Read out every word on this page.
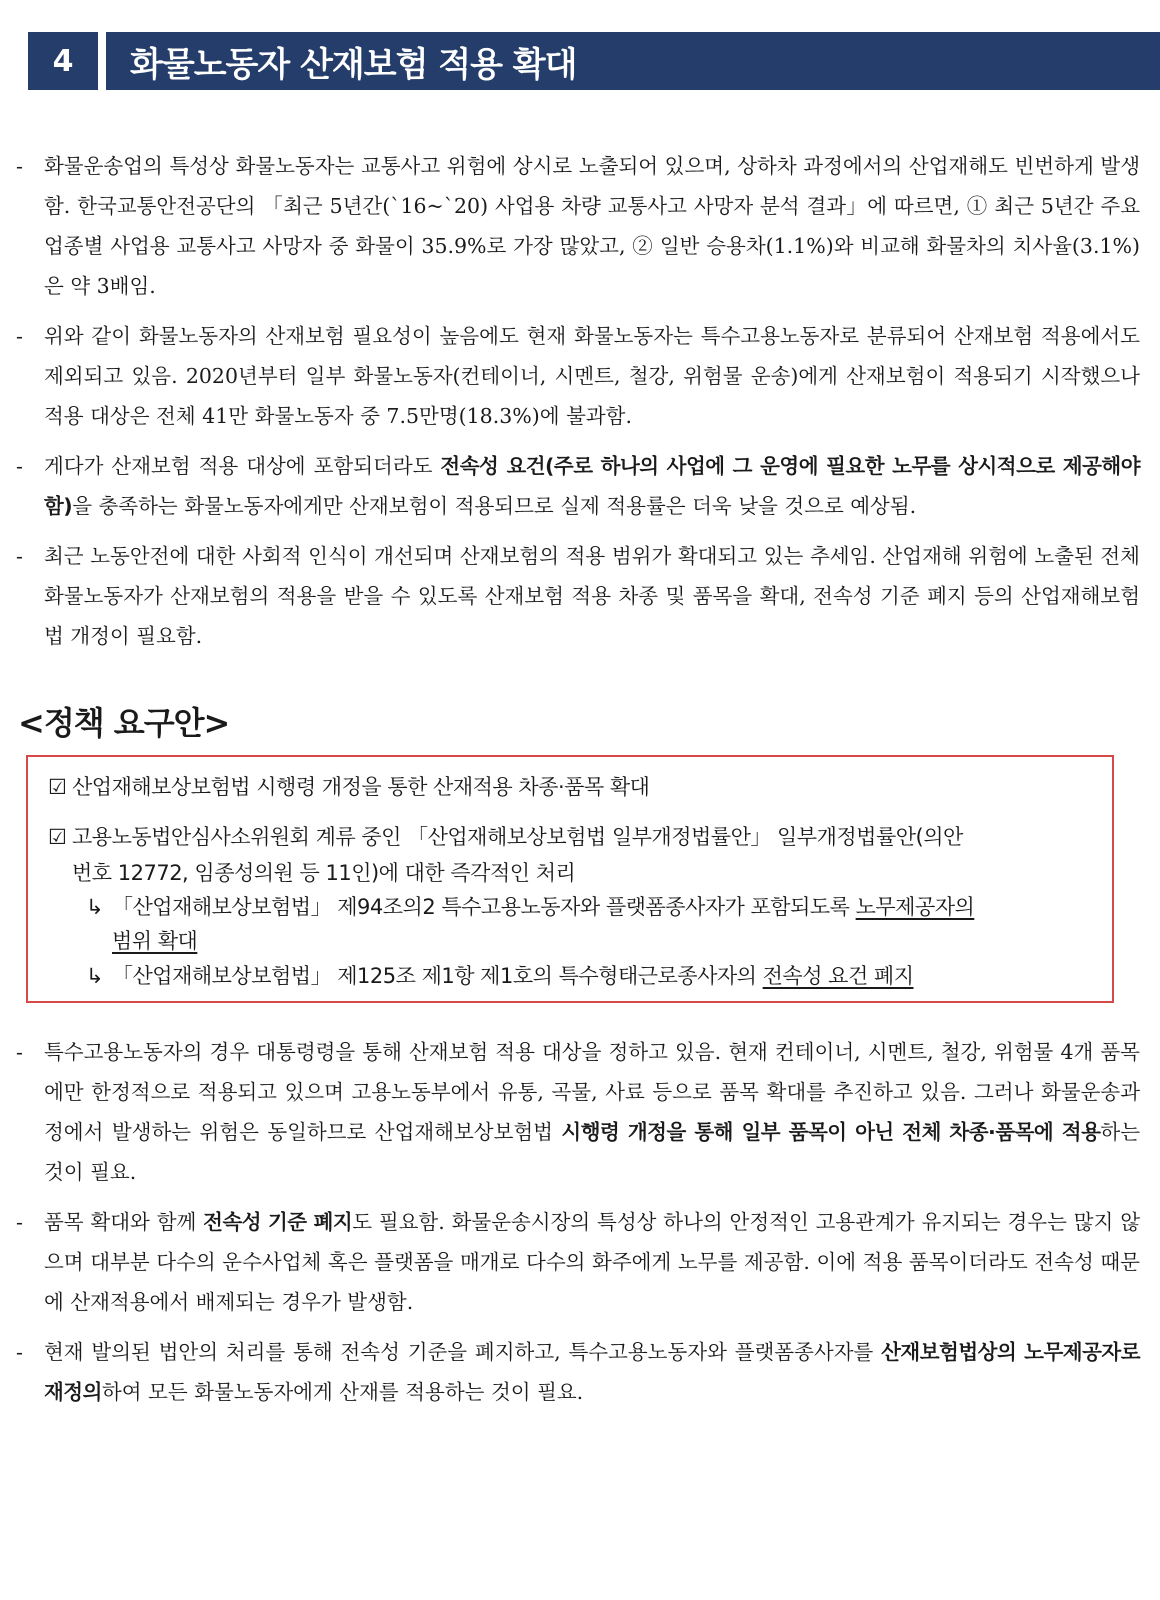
4	화물노동자 산재보험 적용 확대
-	화물운송업의 특성상 화물노동자는 교통사고 위험에 상시로 노출되어 있으며, 상하차 과정에서의 산업재해도 빈번하게 발생함. 한국교통안전공단의 「최근 5년간(`16~`20) 사업용 차량 교통사고 사망자 분석 결과」에 따르면, ① 최근 5년간 주요 업종별 사업용 교통사고 사망자 중 화물이 35.9%로 가장 많았고, ② 일반 승용차(1.1%)와 비교해 화물차의 치사율(3.1%)은 약 3배임.
-	위와 같이 화물노동자의 산재보험 필요성이 높음에도 현재 화물노동자는 특수고용노동자로 분류되어 산재보험 적용에서도 제외되고 있음. 2020년부터 일부 화물노동자(컨테이너, 시멘트, 철강, 위험물 운송)에게 산재보험이 적용되기 시작했으나 적용 대상은 전체 41만 화물노동자 중 7.5만명(18.3%)에 불과함.
-	게다가 산재보험 적용 대상에 포함되더라도 전속성 요건(주로 하나의 사업에 그 운영에 필요한 노무를 상시적으로 제공해야 함)을 충족하는 화물노동자에게만 산재보험이 적용되므로 실제 적용률은 더욱 낮을 것으로 예상됨.
-	최근 노동안전에 대한 사회적 인식이 개선되며 산재보험의 적용 범위가 확대되고 있는 추세임. 산업재해 위험에 노출된 전체 화물노동자가 산재보험의 적용을 받을 수 있도록 산재보험 적용 차종 및 품목을 확대, 전속성 기준 폐지 등의 산업재해보험법 개정이 필요함.
<정책 요구안>
☑ 산업재해보상보험법 시행령 개정을 통한 산재적용 차종·품목 확대
☑ 고용노동법안심사소위원회 계류 중인 「산업재해보상보험법 일부개정법률안」 일부개정법률안(의안
번호 12772, 임종성의원 등 11인)에 대한 즉각적인 처리
↳ 「산업재해보상보험법」 제94조의2 특수고용노동자와 플랫폼종사자가 포함되도록 노무제공자의
범위 확대
↳ 「산업재해보상보험법」 제125조 제1항 제1호의 특수형태근로종사자의 전속성 요건 폐지
-	특수고용노동자의 경우 대통령령을 통해 산재보험 적용 대상을 정하고 있음. 현재 컨테이너, 시멘트, 철강, 위험물 4개 품목에만 한정적으로 적용되고 있으며 고용노동부에서 유통, 곡물, 사료 등으로 품목 확대를 추진하고 있음. 그러나 화물운송과정에서 발생하는 위험은 동일하므로 산업재해보상보험법 시행령 개정을 통해 일부 품목이 아닌 전체 차종·품목에 적용하는 것이 필요.
-	품목 확대와 함께 전속성 기준 폐지도 필요함. 화물운송시장의 특성상 하나의 안정적인 고용관계가 유지되는 경우는 많지 않으며 대부분 다수의 운수사업체 혹은 플랫폼을 매개로 다수의 화주에게 노무를 제공함. 이에 적용 품목이더라도 전속성 때문에 산재적용에서 배제되는 경우가 발생함.
-	현재 발의된 법안의 처리를 통해 전속성 기준을 폐지하고, 특수고용노동자와 플랫폼종사자를 산재보험법상의 노무제공자로 재정의하여 모든 화물노동자에게 산재를 적용하는 것이 필요.
